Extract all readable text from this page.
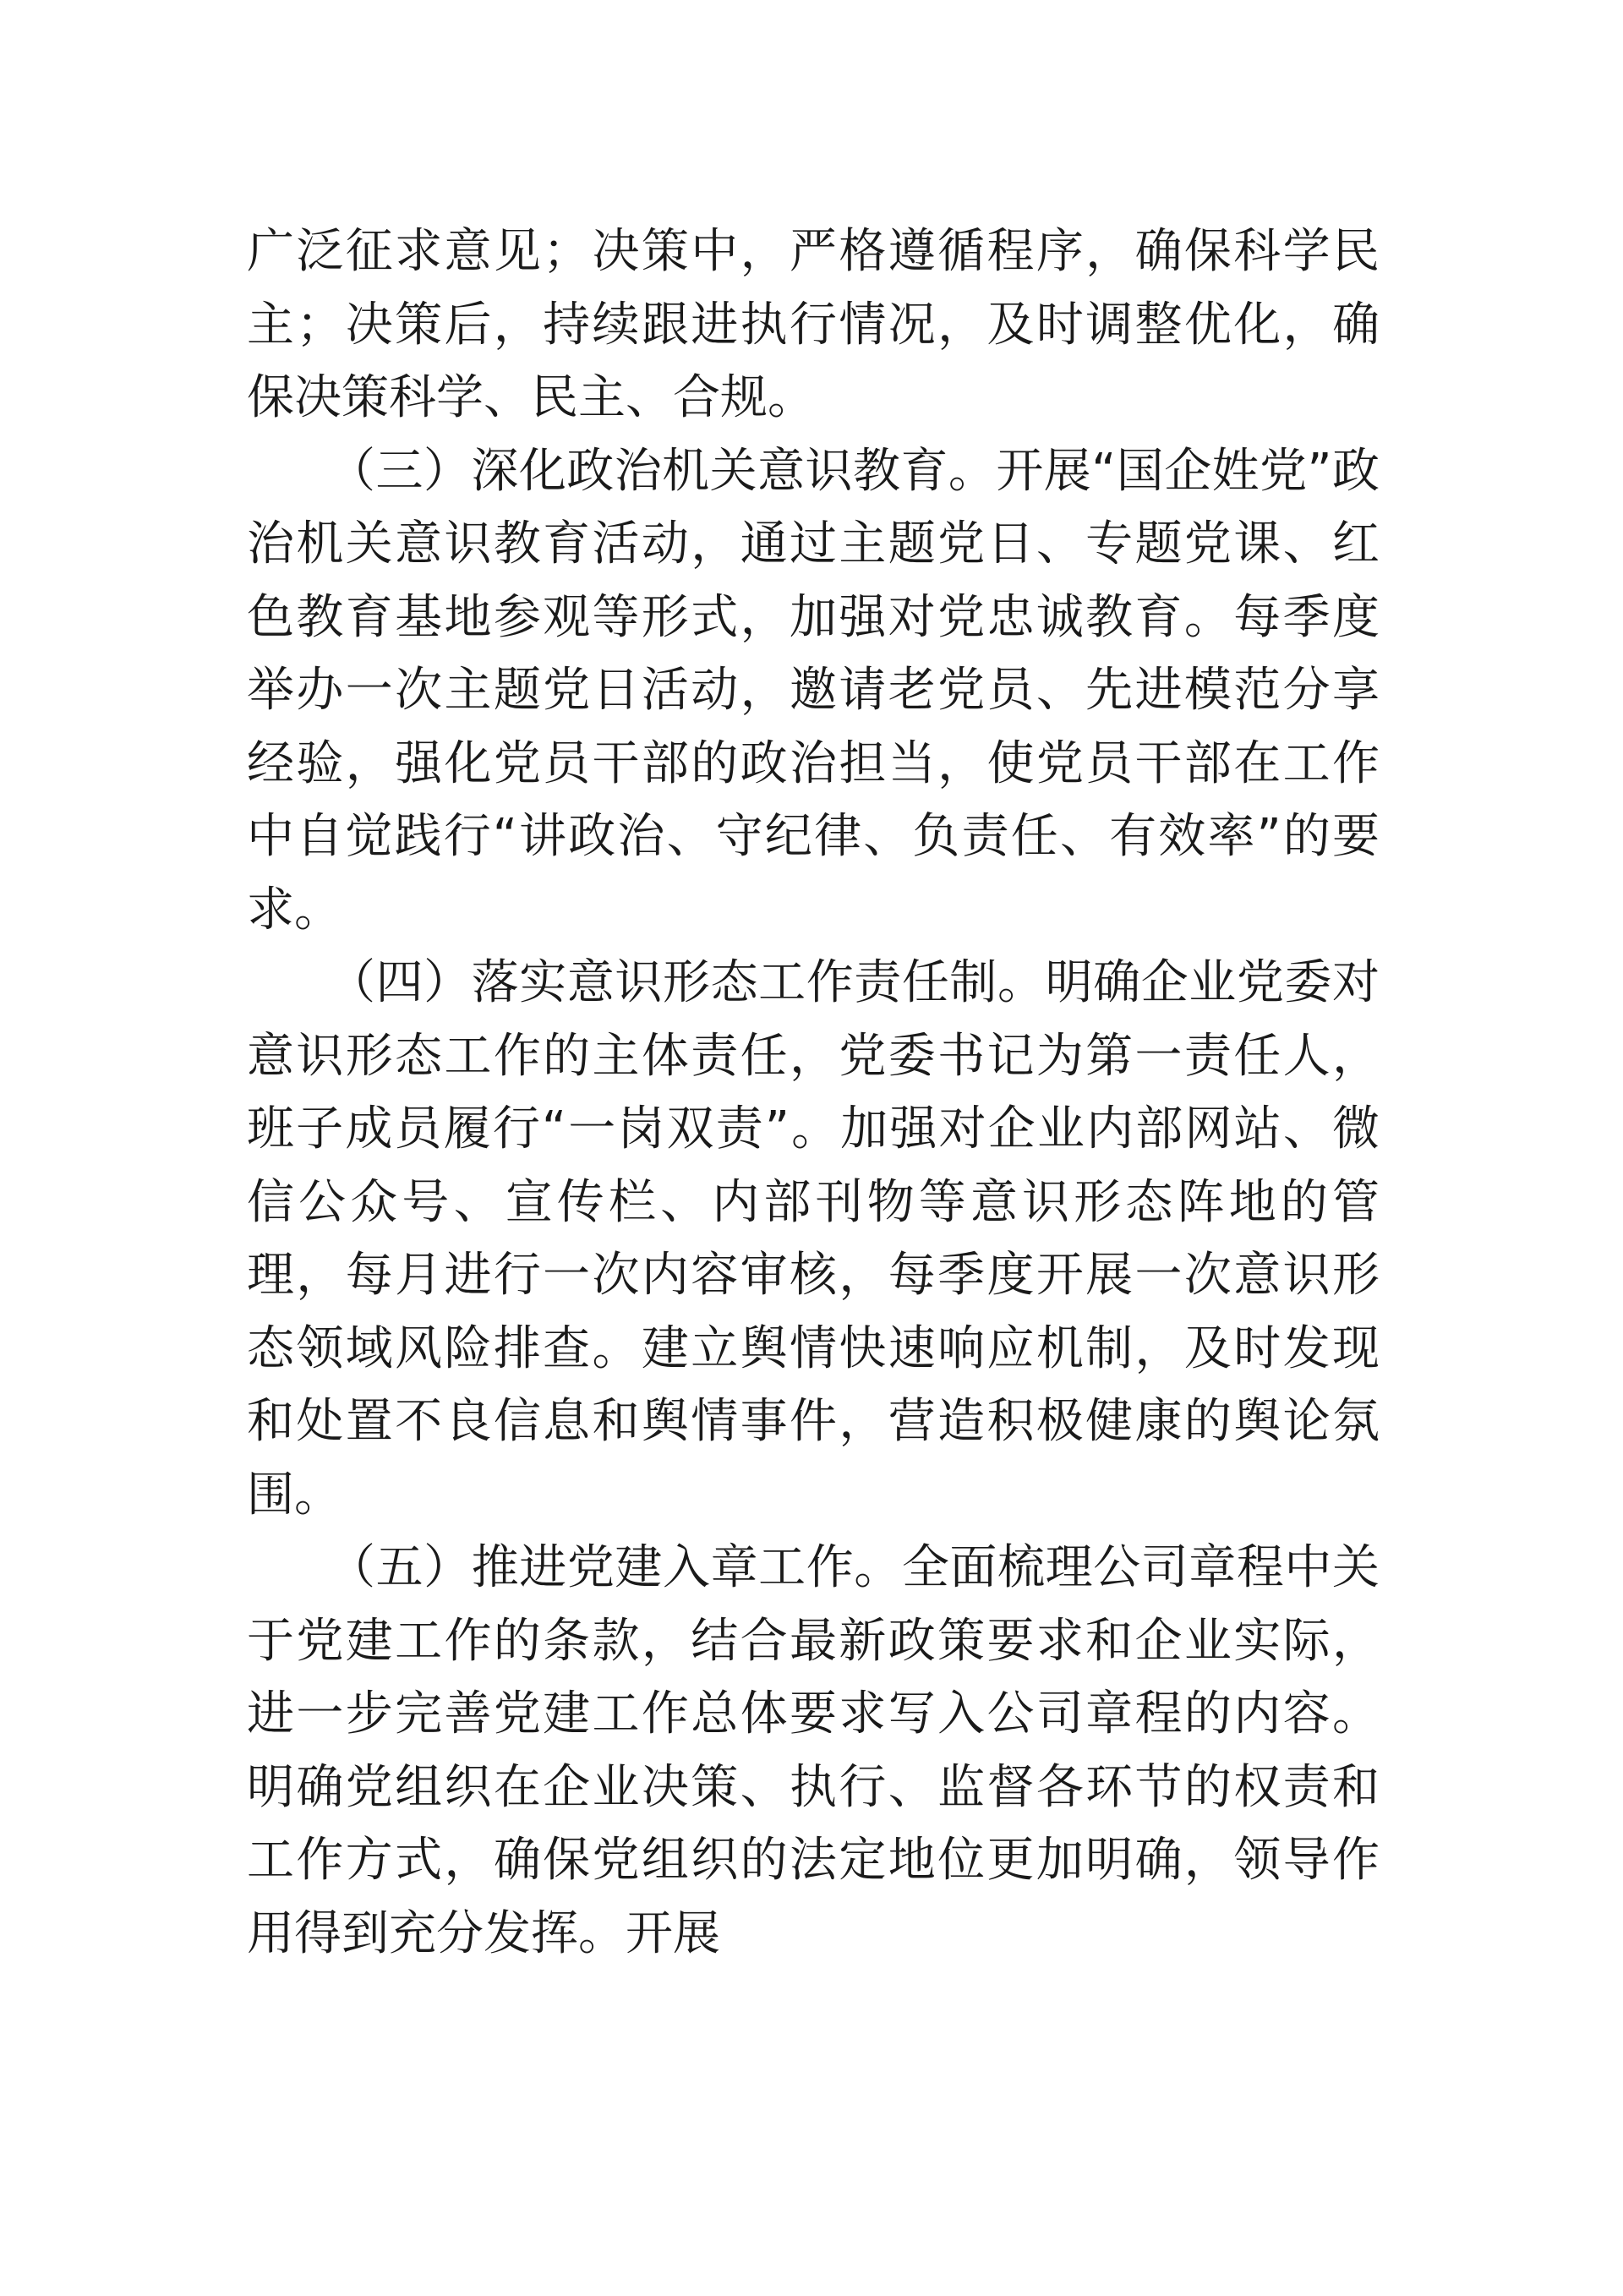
广泛征求意见；决策中，严格遵循程序，确保科学民主；决策后，持续跟进执行情况，及时调整优化，确保决策科学、民主、合规。

（三）深化政治机关意识教育。开展“国企姓党”政治机关意识教育活动，通过主题党日、专题党课、红色教育基地参观等形式，加强对党忠诚教育。每季度举办一次主题党日活动，邀请老党员、先进模范分享经验，强化党员干部的政治担当，使党员干部在工作中自觉践行“讲政治、守纪律、负责任、有效率”的要求。

（四）落实意识形态工作责任制。明确企业党委对意识形态工作的主体责任，党委书记为第一责任人，班子成员履行“一岗双责”。加强对企业内部网站、微信公众号、宣传栏、内部刊物等意识形态阵地的管理，每月进行一次内容审核，每季度开展一次意识形态领域风险排查。建立舆情快速响应机制，及时发现和处置不良信息和舆情事件，营造积极健康的舆论氛围。

（五）推进党建入章工作。全面梳理公司章程中关于党建工作的条款，结合最新政策要求和企业实际，进一步完善党建工作总体要求写入公司章程的内容。明确党组织在企业决策、执行、监督各环节的权责和工作方式，确保党组织的法定地位更加明确，领导作用得到充分发挥。开展
